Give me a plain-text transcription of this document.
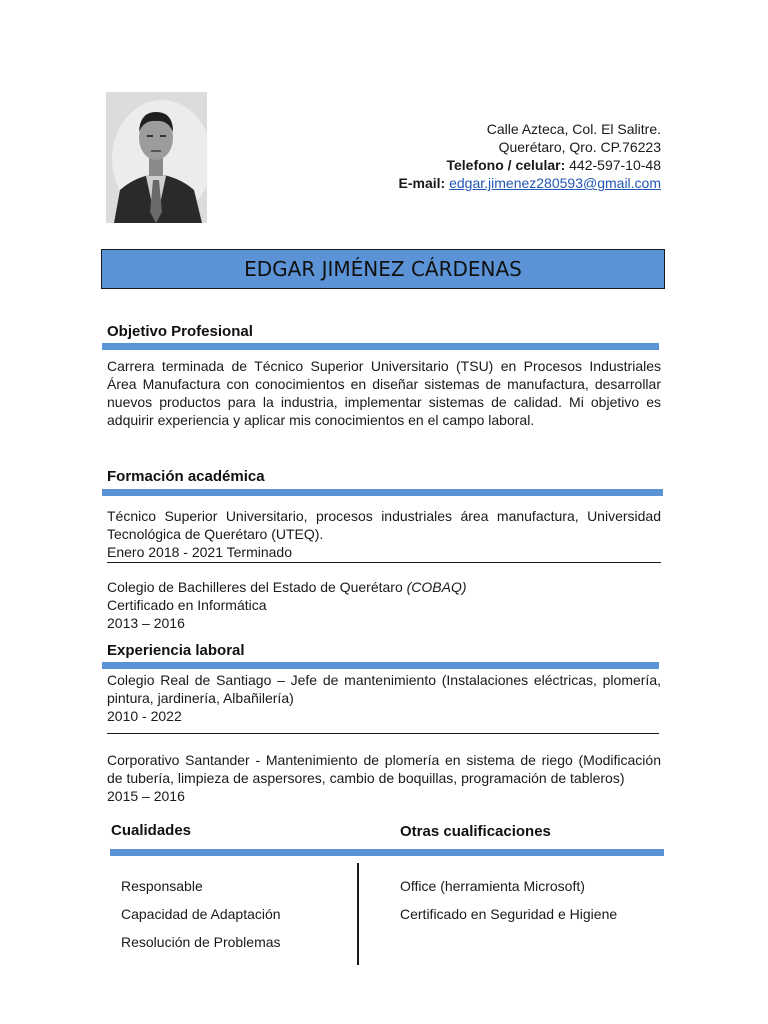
Calle Azteca, Col. El Salitre.
Querétaro, Qro. CP.76223
Telefono / celular: 442-597-10-48
E-mail: edgar.jimenez280593@gmail.com
EDGAR JIMÉNEZ CÁRDENAS
Objetivo Profesional
Carrera terminada de Técnico Superior Universitario (TSU) en Procesos Industriales Área Manufactura con conocimientos en diseñar sistemas de manufactura, desarrollar nuevos productos para la industria, implementar sistemas de calidad. Mi objetivo es adquirir experiencia y aplicar mis conocimientos en el campo laboral.
Formación académica
Técnico Superior Universitario, procesos industriales área manufactura, Universidad Tecnológica de Querétaro (UTEQ).
Enero 2018 - 2021 Terminado
Colegio de Bachilleres del Estado de Querétaro (COBAQ)
Certificado en Informática
2013 – 2016
Experiencia laboral
Colegio Real de Santiago – Jefe de mantenimiento (Instalaciones eléctricas, plomería, pintura, jardinería, Albañilería)
2010 - 2022
Corporativo Santander - Mantenimiento de plomería en sistema de riego (Modificación de tubería, limpieza de aspersores, cambio de boquillas, programación de tableros)
2015 – 2016
Cualidades	Otras cualificaciones
Responsable
Capacidad de Adaptación
Resolución de Problemas
Office (herramienta Microsoft)
Certificado en Seguridad e Higiene
